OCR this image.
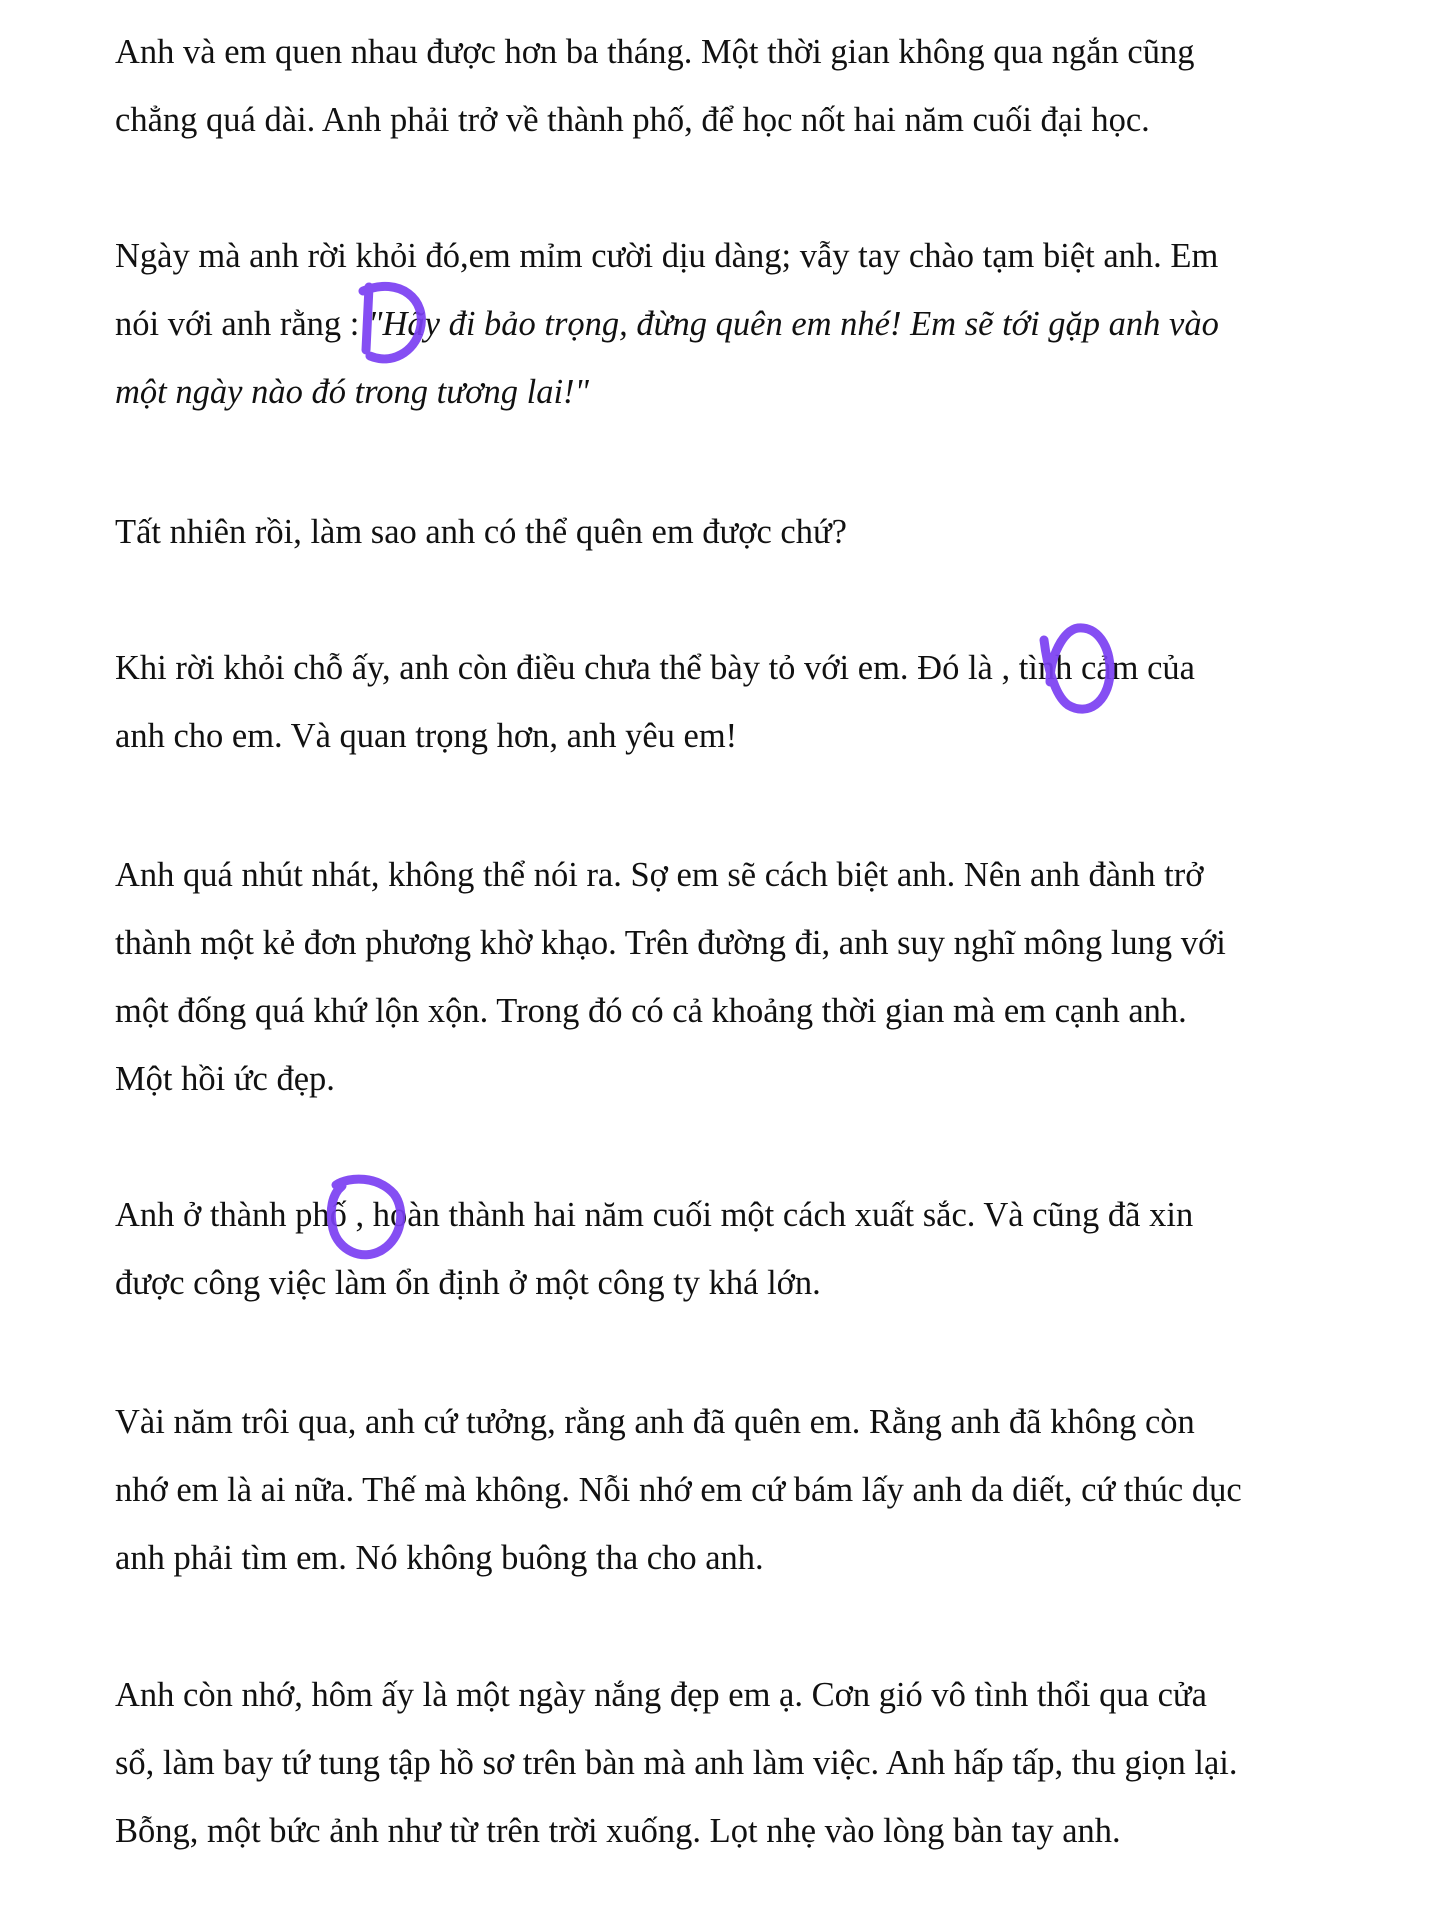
Anh và em quen nhau được hơn ba tháng. Một thời gian không qua ngắn cũng
chẳng quá dài. Anh phải trở về thành phố, để học nốt hai năm cuối đại học.
Ngày mà anh rời khỏi đó,em mỉm cười dịu dàng; vẫy tay chào tạm biệt anh. Em
nói với anh rằng : "Hãy đi bảo trọng, đừng quên em nhé! Em sẽ tới gặp anh vào
một ngày nào đó trong tương lai!"
Tất nhiên rồi, làm sao anh có thể quên em được chứ?
Khi rời khỏi chỗ ấy, anh còn điều chưa thể bày tỏ với em. Đó là , tình cảm của
anh cho em. Và quan trọng hơn, anh yêu em!
Anh quá nhút nhát, không thể nói ra. Sợ em sẽ cách biệt anh. Nên anh đành trở
thành một kẻ đơn phương khờ khạo. Trên đường đi, anh suy nghĩ mông lung với
một đống quá khứ lộn xộn. Trong đó có cả khoảng thời gian mà em cạnh anh.
Một hồi ức đẹp.
Anh ở thành phố , hoàn thành hai năm cuối một cách xuất sắc. Và cũng đã xin
được công việc làm ổn định ở một công ty khá lớn.
Vài năm trôi qua, anh cứ tưởng, rằng anh đã quên em. Rằng anh đã không còn
nhớ em là ai nữa. Thế mà không. Nỗi nhớ em cứ bám lấy anh da diết, cứ thúc dục
anh phải tìm em. Nó không buông tha cho anh.
Anh còn nhớ, hôm ấy là một ngày nắng đẹp em ạ. Cơn gió vô tình thổi qua cửa
sổ, làm bay tứ tung tập hồ sơ trên bàn mà anh làm việc. Anh hấp tấp, thu giọn lại.
Bỗng, một bức ảnh như từ trên trời xuống. Lọt nhẹ vào lòng bàn tay anh.
